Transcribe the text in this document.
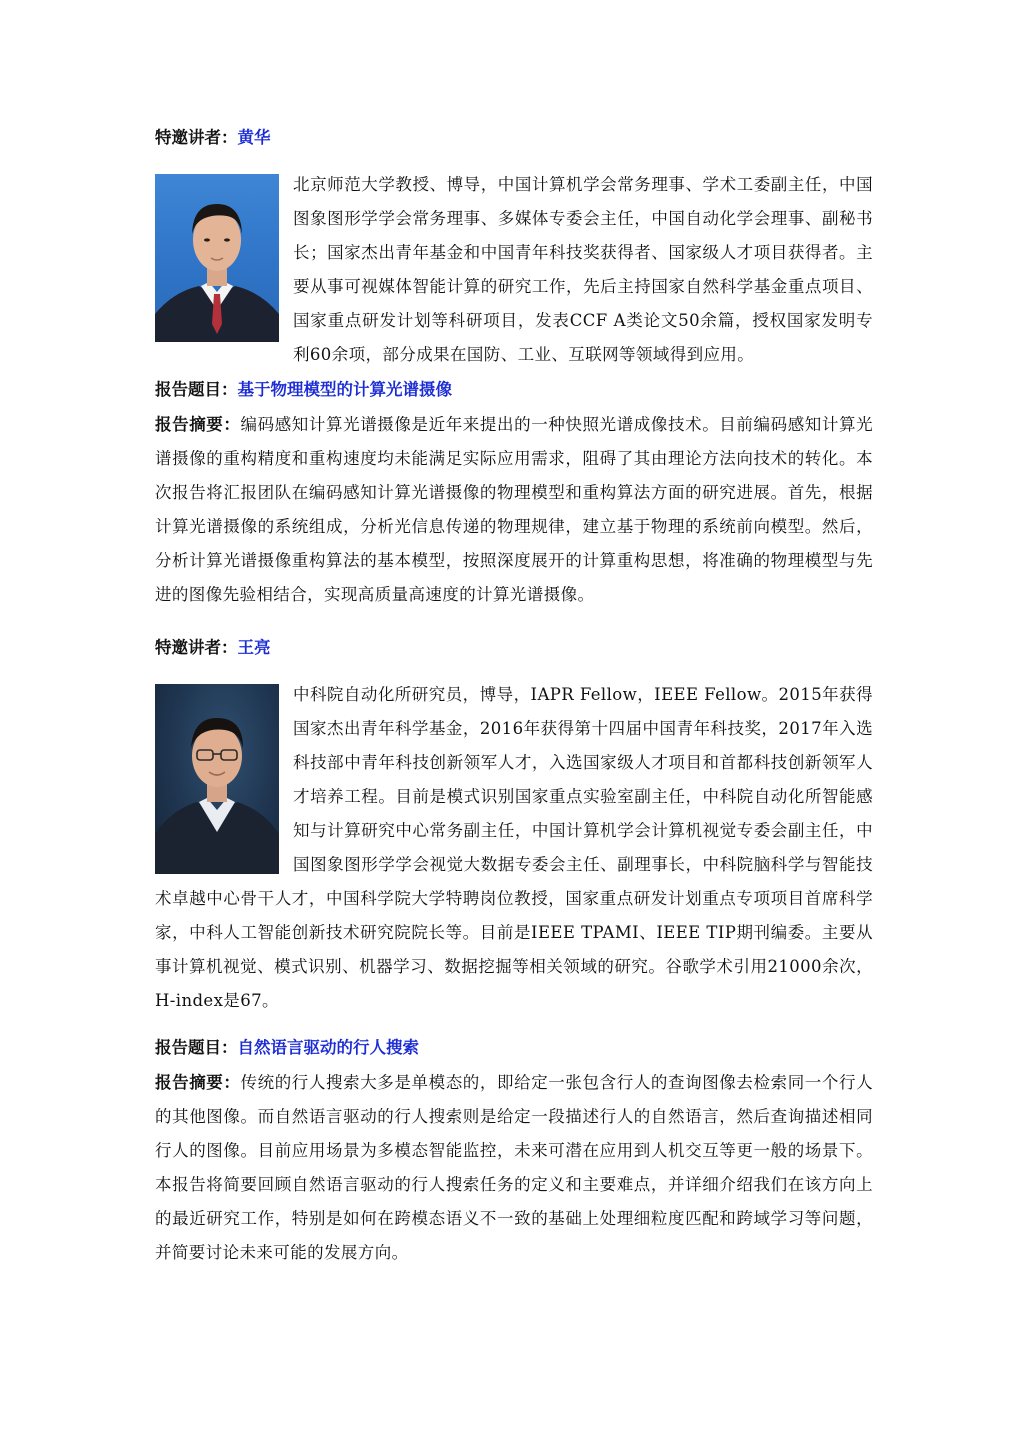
特邀讲者：黄华

北京师范大学教授、博导，中国计算机学会常务理事、学术工委副主任，中国图象图形学学会常务理事、多媒体专委会主任，中国自动化学会理事、副秘书长；国家杰出青年基金和中国青年科技奖获得者、国家级人才项目获得者。主要从事可视媒体智能计算的研究工作，先后主持国家自然科学基金重点项目、国家重点研发计划等科研项目，发表CCF A类论文50余篇，授权国家发明专利60余项，部分成果在国防、工业、互联网等领域得到应用。

报告题目：基于物理模型的计算光谱摄像

报告摘要：编码感知计算光谱摄像是近年来提出的一种快照光谱成像技术。目前编码感知计算光谱摄像的重构精度和重构速度均未能满足实际应用需求，阻碍了其由理论方法向技术的转化。本次报告将汇报团队在编码感知计算光谱摄像的物理模型和重构算法方面的研究进展。首先，根据计算光谱摄像的系统组成，分析光信息传递的物理规律，建立基于物理的系统前向模型。然后，分析计算光谱摄像重构算法的基本模型，按照深度展开的计算重构思想，将准确的物理模型与先进的图像先验相结合，实现高质量高速度的计算光谱摄像。

特邀讲者：王亮

中科院自动化所研究员，博导，IAPR Fellow，IEEE Fellow。2015年获得国家杰出青年科学基金，2016年获得第十四届中国青年科技奖，2017年入选科技部中青年科技创新领军人才，入选国家级人才项目和首都科技创新领军人才培养工程。目前是模式识别国家重点实验室副主任，中科院自动化所智能感知与计算研究中心常务副主任，中国计算机学会计算机视觉专委会副主任，中国图象图形学学会视觉大数据专委会主任、副理事长，中科院脑科学与智能技术卓越中心骨干人才，中国科学院大学特聘岗位教授，国家重点研发计划重点专项项目首席科学家，中科人工智能创新技术研究院院长等。目前是IEEE TPAMI、IEEE TIP期刊编委。主要从事计算机视觉、模式识别、机器学习、数据挖掘等相关领域的研究。谷歌学术引用21000余次，H-index是67。

报告题目：自然语言驱动的行人搜索

报告摘要：传统的行人搜索大多是单模态的，即给定一张包含行人的查询图像去检索同一个行人的其他图像。而自然语言驱动的行人搜索则是给定一段描述行人的自然语言，然后查询描述相同行人的图像。目前应用场景为多模态智能监控，未来可潜在应用到人机交互等更一般的场景下。本报告将简要回顾自然语言驱动的行人搜索任务的定义和主要难点，并详细介绍我们在该方向上的最近研究工作，特别是如何在跨模态语义不一致的基础上处理细粒度匹配和跨域学习等问题，并简要讨论未来可能的发展方向。
